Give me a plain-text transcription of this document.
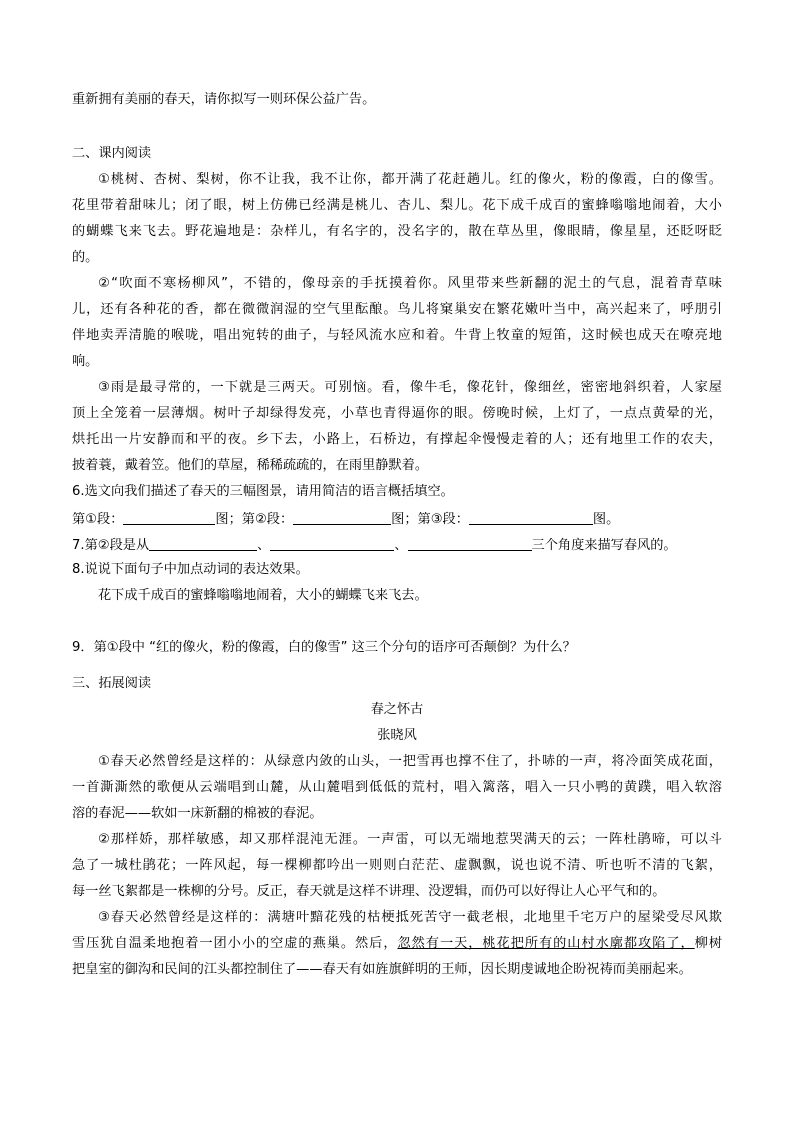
重新拥有美丽的春天，请你拟写一则环保公益广告。
二、课内阅读
①桃树、杏树、梨树，你不让我，我不让你，都开满了花赶趟儿。红的像火，粉的像霞，白的像雪。
花里带着甜味儿；闭了眼，树上仿佛已经满是桃儿、杏儿、梨儿。花下成千成百的蜜蜂嗡嗡地闹着，大小
的蝴蝶飞来飞去。野花遍地是：杂样儿，有名字的，没名字的，散在草丛里，像眼睛，像星星，还眨呀眨
的。
②“吹面不寒杨柳风”，不错的，像母亲的手抚摸着你。风里带来些新翻的泥土的气息，混着青草味
儿，还有各种花的香，都在微微润湿的空气里酝酿。鸟儿将窠巢安在繁花嫩叶当中，高兴起来了，呼朋引
伴地卖弄清脆的喉咙，唱出宛转的曲子，与轻风流水应和着。牛背上牧童的短笛，这时候也成天在嘹亮地
响。
③雨是最寻常的，一下就是三两天。可别恼。看，像牛毛，像花针，像细丝，密密地斜织着，人家屋
顶上全笼着一层薄烟。树叶子却绿得发亮，小草也青得逼你的眼。傍晚时候，上灯了，一点点黄晕的光，
烘托出一片安静而和平的夜。乡下去，小路上，石桥边，有撑起伞慢慢走着的人；还有地里工作的农夫，
披着蓑，戴着笠。他们的草屋，稀稀疏疏的，在雨里静默着。
6.选文向我们描述了春天的三幅图景，请用简洁的语言概括填空。
第①段：	图；第②段：	图；第③段：	图。
7.第②段是从	、	、	三个角度来描写春风的。
8.说说下面句子中加点动词的表达效果。
花下成千成百的蜜蜂嗡嗡地闹着，大小的蝴蝶飞来飞去。
9．第①段中 “红的像火，粉的像霞，白的像雪” 这三个分句的语序可否颠倒？为什么？
三、拓展阅读
春之怀古
张晓风
①春天必然曾经是这样的：从绿意内敛的山头，一把雪再也撑不住了，扑哧的一声，将冷面笑成花面，
一首澌澌然的歌便从云端唱到山麓，从山麓唱到低低的荒村，唱入篱落，唱入一只小鸭的黄蹼，唱入软溶
溶的春泥——软如一床新翻的棉被的春泥。
②那样娇，那样敏感，却又那样混沌无涯。一声雷，可以无端地惹哭满天的云；一阵杜鹃啼，可以斗
急了一城杜鹃花；一阵风起，每一棵柳都吟出一则则白茫茫、虚飘飘，说也说不清、听也听不清的飞絮，
每一丝飞絮都是一株柳的分号。反正，春天就是这样不讲理、没逻辑，而仍可以好得让人心平气和的。
③春天必然曾经是这样的：满塘叶黯花残的枯梗抵死苦守一截老根，北地里千宅万户的屋梁受尽风欺
雪压犹自温柔地抱着一团小小的空虚的燕巢。然后，忽然有一天，桃花把所有的山村水廓都攻陷了，柳树
把皇室的御沟和民间的江头都控制住了——春天有如旌旗鲜明的王师，因长期虔诚地企盼祝祷而美丽起来。
